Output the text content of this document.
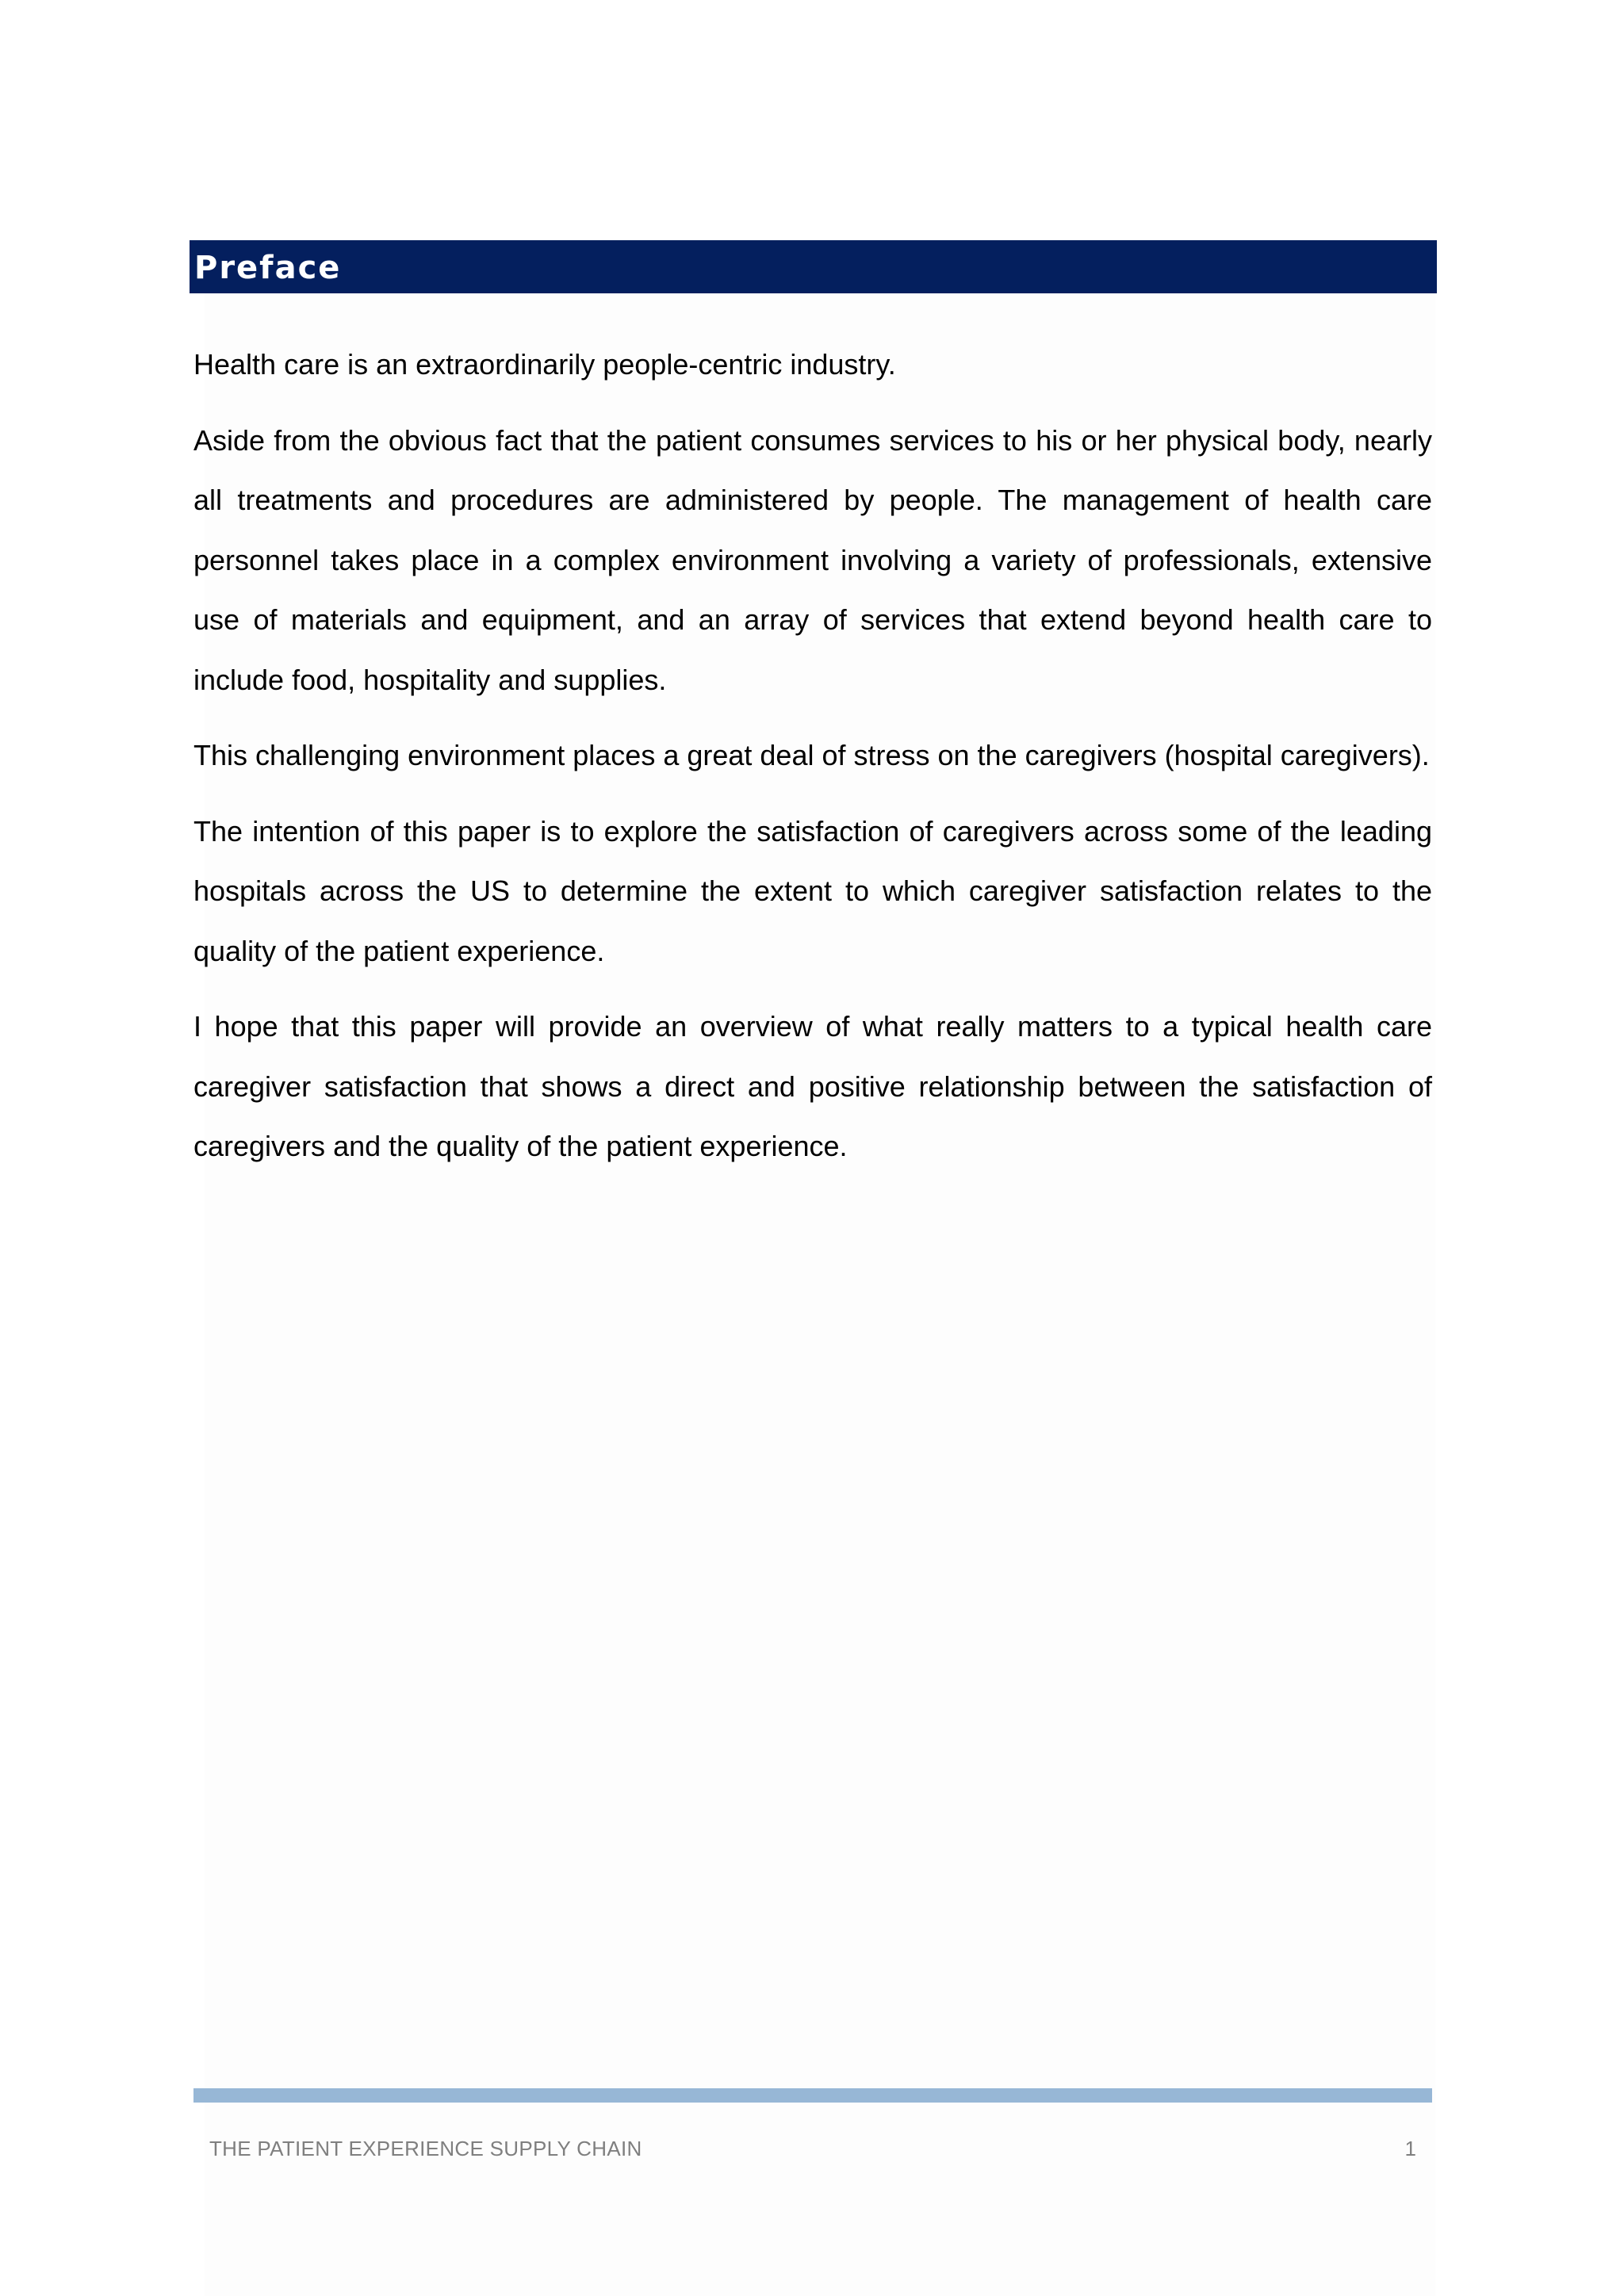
Preface

Health care is an extraordinarily people-centric industry.

Aside from the obvious fact that the patient consumes services to his or her physical body, nearly all treatments and procedures are administered by people. The management of health care personnel takes place in a complex environment involving a variety of professionals, extensive use of materials and equipment, and an array of services that extend beyond health care to include food, hospitality and supplies.

This challenging environment places a great deal of stress on the caregivers (hospital caregivers).

The intention of this paper is to explore the satisfaction of caregivers across some of the leading hospitals across the US to determine the extent to which caregiver satisfaction relates to the quality of the patient experience.

I hope that this paper will provide an overview of what really matters to a typical health care caregiver satisfaction that shows a direct and positive relationship between the satisfaction of caregivers and the quality of the patient experience.

THE PATIENT EXPERIENCE SUPPLY CHAIN	1
